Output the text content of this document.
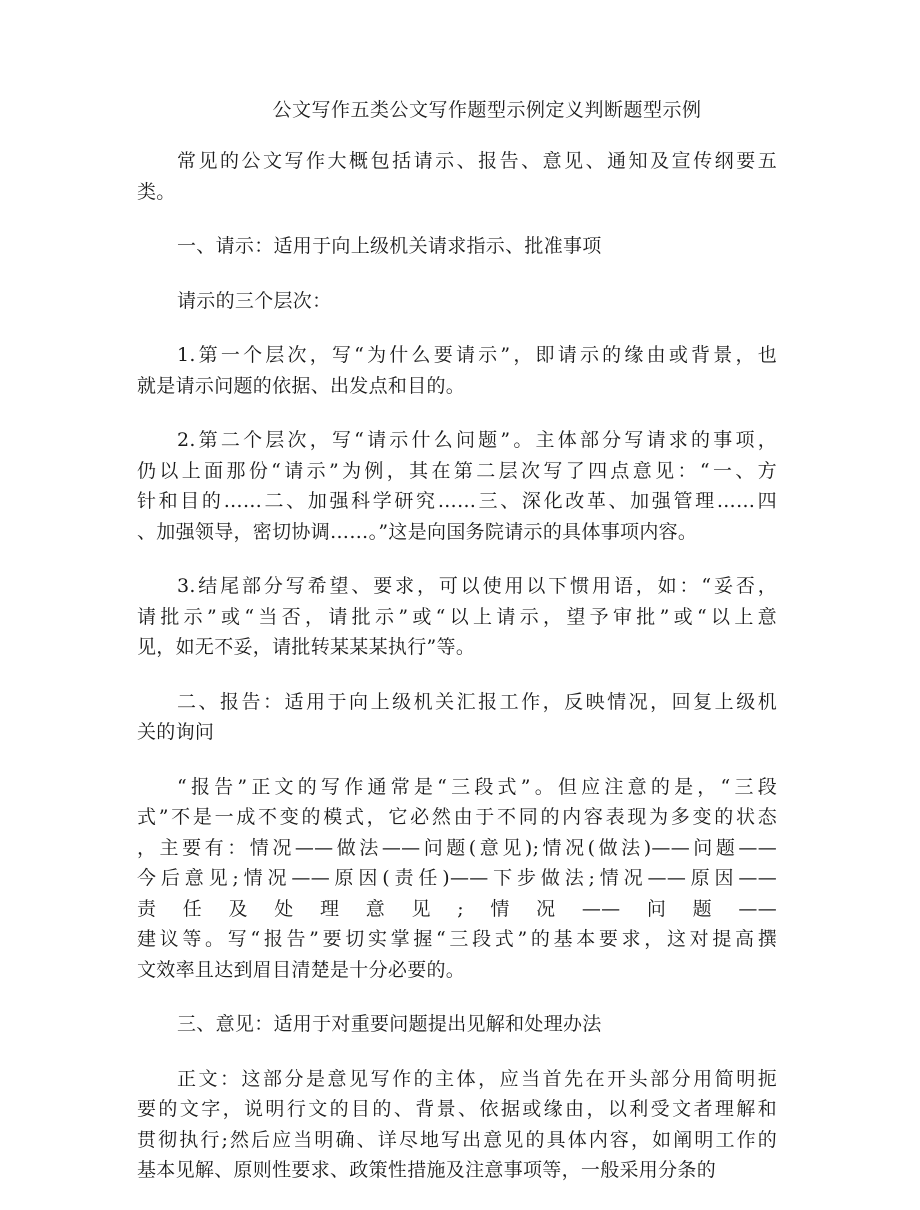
公文写作五类公文写作题型示例定义判断题型示例
常见的公文写作大概包括请示、报告、意见、通知及宣传纲要五
类。
一、请示：适用于向上级机关请求指示、批准事项
请示的三个层次：
1.第一个层次，写“为什么要请示”，即请示的缘由或背景，也
就是请示问题的依据、出发点和目的。
2.第二个层次，写“请示什么问题”。主体部分写请求的事项，
仍以上面那份“请示”为例，其在第二层次写了四点意见：“一、方
针和目的……二、加强科学研究……三、深化改革、加强管理……四
、加强领导，密切协调……。”这是向国务院请示的具体事项内容。
3.结尾部分写希望、要求，可以使用以下惯用语，如：“妥否，
请批示”或“当否，请批示”或“以上请示，望予审批”或“以上意
见，如无不妥，请批转某某某执行”等。
二、报告：适用于向上级机关汇报工作，反映情况，回复上级机
关的询问
“报告”正文的写作通常是“三段式”。但应注意的是，“三段
式”不是一成不变的模式，它必然由于不同的内容表现为多变的状态
，主要有：情况——做法——问题(意见);情况(做法)——问题——
今后意见;情况——原因(责任)——下步做法;情况——原因——
责任及处理意见;情况——问题——
建议等。写“报告”要切实掌握“三段式”的基本要求，这对提高撰
文效率且达到眉目清楚是十分必要的。
三、意见：适用于对重要问题提出见解和处理办法
正文：这部分是意见写作的主体，应当首先在开头部分用简明扼
要的文字，说明行文的目的、背景、依据或缘由，以利受文者理解和
贯彻执行;然后应当明确、详尽地写出意见的具体内容，如阐明工作的
基本见解、原则性要求、政策性措施及注意事项等，一般采用分条的
